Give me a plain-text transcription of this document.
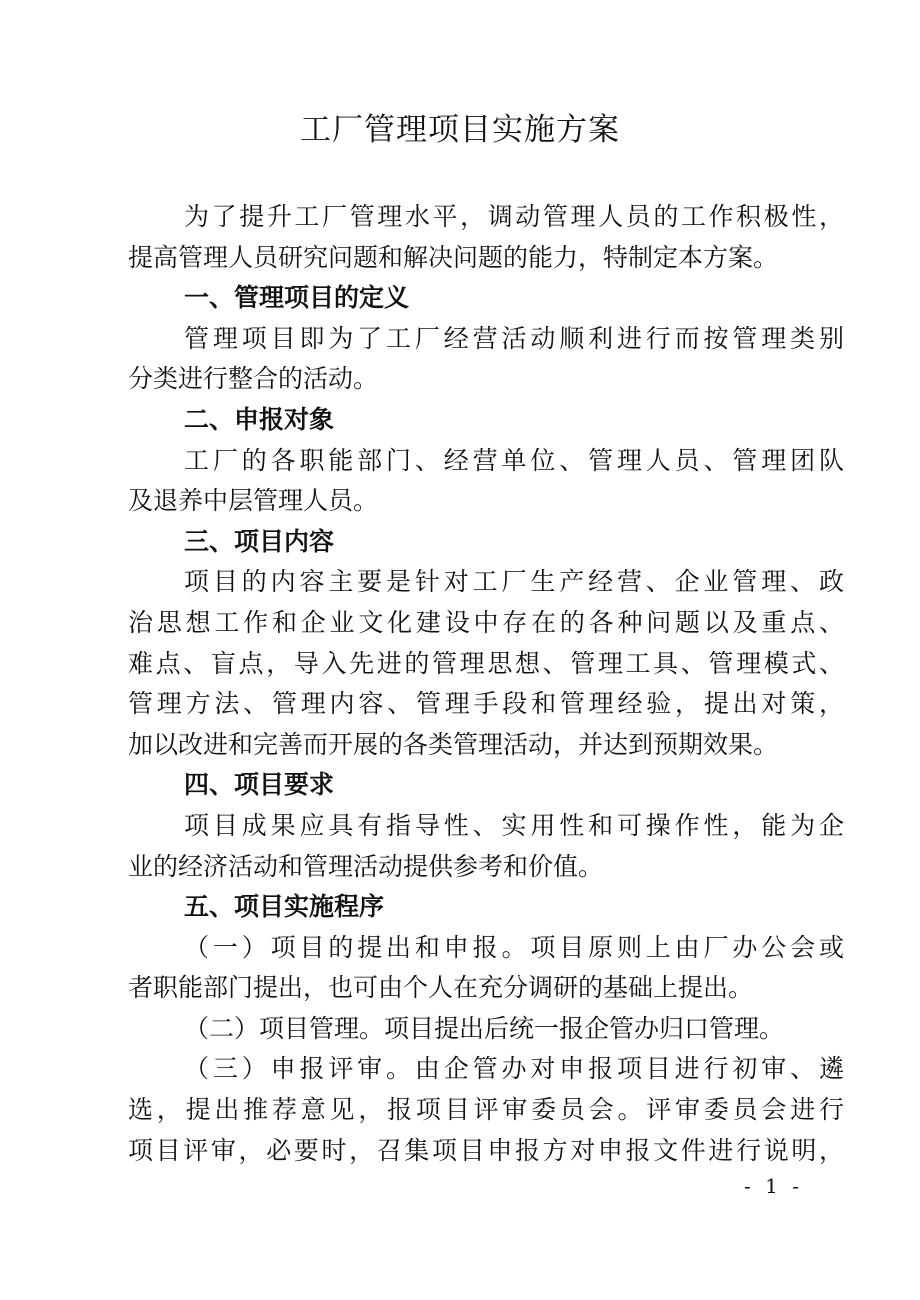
工厂管理项目实施方案
为了提升工厂管理水平，调动管理人员的工作积极性，
提高管理人员研究问题和解决问题的能力，特制定本方案。
一、管理项目的定义
管理项目即为了工厂经营活动顺利进行而按管理类别
分类进行整合的活动。
二、申报对象
工厂的各职能部门、经营单位、管理人员、管理团队
及退养中层管理人员。
三、项目内容
项目的内容主要是针对工厂生产经营、企业管理、政
治思想工作和企业文化建设中存在的各种问题以及重点、
难点、盲点，导入先进的管理思想、管理工具、管理模式、
管理方法、管理内容、管理手段和管理经验，提出对策，
加以改进和完善而开展的各类管理活动，并达到预期效果。
四、项目要求
项目成果应具有指导性、实用性和可操作性，能为企
业的经济活动和管理活动提供参考和价值。
五、项目实施程序
（一）项目的提出和申报。项目原则上由厂办公会或
者职能部门提出，也可由个人在充分调研的基础上提出。
（二）项目管理。项目提出后统一报企管办归口管理。
（三）申报评审。由企管办对申报项目进行初审、遴
选，提出推荐意见，报项目评审委员会。评审委员会进行
项目评审，必要时，召集项目申报方对申报文件进行说明，
- 1 -
